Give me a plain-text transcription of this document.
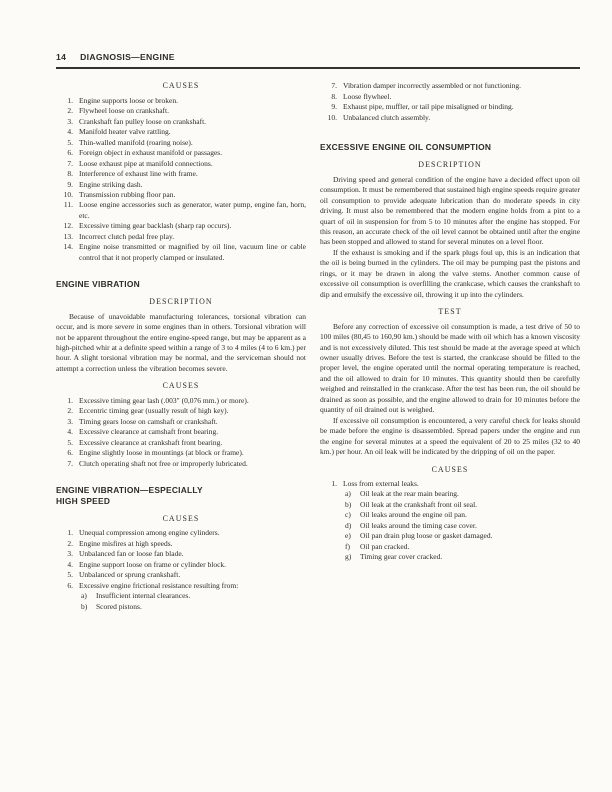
14 DIAGNOSIS—ENGINE
CAUSES
1. Engine supports loose or broken.
2. Flywheel loose on crankshaft.
3. Crankshaft fan pulley loose on crankshaft.
4. Manifold heater valve rattling.
5. Thin-walled manifold (roaring noise).
6. Foreign object in exhaust manifold or passages.
7. Loose exhaust pipe at manifold connections.
8. Interference of exhaust line with frame.
9. Engine striking dash.
10. Transmission rubbing floor pan.
11. Loose engine accessories such as generator, water pump, engine fan, horn, etc.
12. Excessive timing gear backlash (sharp rap occurs).
13. Incorrect clutch pedal free play.
14. Engine noise transmitted or magnified by oil line, vacuum line or cable control that it not properly clamped or insulated.
ENGINE VIBRATION
DESCRIPTION

Because of unavoidable manufacturing tolerances, torsional vibration can occur, and is more severe in some engines than in others. Torsional vibration will not be apparent throughout the entire engine-speed range, but may be apparent as a high-pitched whir at a definite speed within a range of 3 to 4 miles (4 to 6 km.) per hour. A slight torsional vibration may be normal, and the serviceman should not attempt a correction unless the vibration becomes severe.

CAUSES
1. Excessive timing gear lash (.003″ (0,076 mm.) or more).
2. Eccentric timing gear (usually result of high key).
3. Timing gears loose on camshaft or crankshaft.
4. Excessive clearance at camshaft front bearing.
5. Excessive clearance at crankshaft front bearing.
6. Engine slightly loose in mountings (at block or frame).
7. Clutch operating shaft not free or improperly lubricated.
ENGINE VIBRATION—ESPECIALLY
HIGH SPEED
CAUSES
1. Unequal compression among engine cylinders.
2. Engine misfires at high speeds.
3. Unbalanced fan or loose fan blade.
4. Engine support loose on frame or cylinder block.
5. Unbalanced or sprung crankshaft.
6. Excessive engine frictional resistance resulting from:
a)	Insufficient internal clearances.
b)	Scored pistons.
7. Vibration damper incorrectly assembled or not functioning.
8. Loose flywheel.
9. Exhaust pipe, muffler, or tail pipe misaligned or binding.
10. Unbalanced clutch assembly.
EXCESSIVE ENGINE OIL CONSUMPTION
DESCRIPTION

Driving speed and general condition of the engine have a decided effect upon oil consumption. It must be remembered that sustained high engine speeds require greater oil consumption to provide adequate lubrication than do moderate speeds in city driving. It must also be remembered that the modern engine holds from a pint to a quart of oil in suspension for from 5 to 10 minutes after the engine has stopped. For this reason, an accurate check of the oil level cannot be obtained until after the engine has been stopped and allowed to stand for several minutes on a level floor.

If the exhaust is smoking and if the spark plugs foul up, this is an indication that the oil is being burned in the cylinders. The oil may be pumping past the pistons and rings, or it may be drawn in along the valve stems. Another common cause of excessive oil consumption is overfilling the crankcase, which causes the crankshaft to dip and emulsify the excessive oil, throwing it up into the cylinders.

TEST

Before any correction of excessive oil consumption is made, a test drive of 50 to 100 miles (80,45 to 160,90 km.) should be made with oil which has a known viscosity and is not excessively diluted. This test should be made at the average speed at which owner usually drives. Before the test is started, the crankcase should be filled to the proper level, the engine operated until the normal operating temperature is reached, and the oil allowed to drain for 10 minutes. This quantity should then be carefully weighed and reinstalled in the crankcase. After the test has been run, the oil should be drained as soon as possible, and the engine allowed to drain for 10 minutes before the quantity of oil drained out is weighed.

If excessive oil consumption is encountered, a very careful check for leaks should be made before the engine is disassembled. Spread papers under the engine and run the engine for several minutes at a speed the equivalent of 20 to 25 miles (32 to 40 km.) per hour. An oil leak will be indicated by the dripping of oil on the paper.

CAUSES
1. Loss from external leaks.
a)	Oil leak at the rear main bearing.
b)	Oil leak at the crankshaft front oil seal.
c)	Oil leaks around the engine oil pan.
d)	Oil leaks around the timing case cover.
e)	Oil pan drain plug loose or gasket damaged.
f)	Oil pan cracked.
g)	Timing gear cover cracked.
